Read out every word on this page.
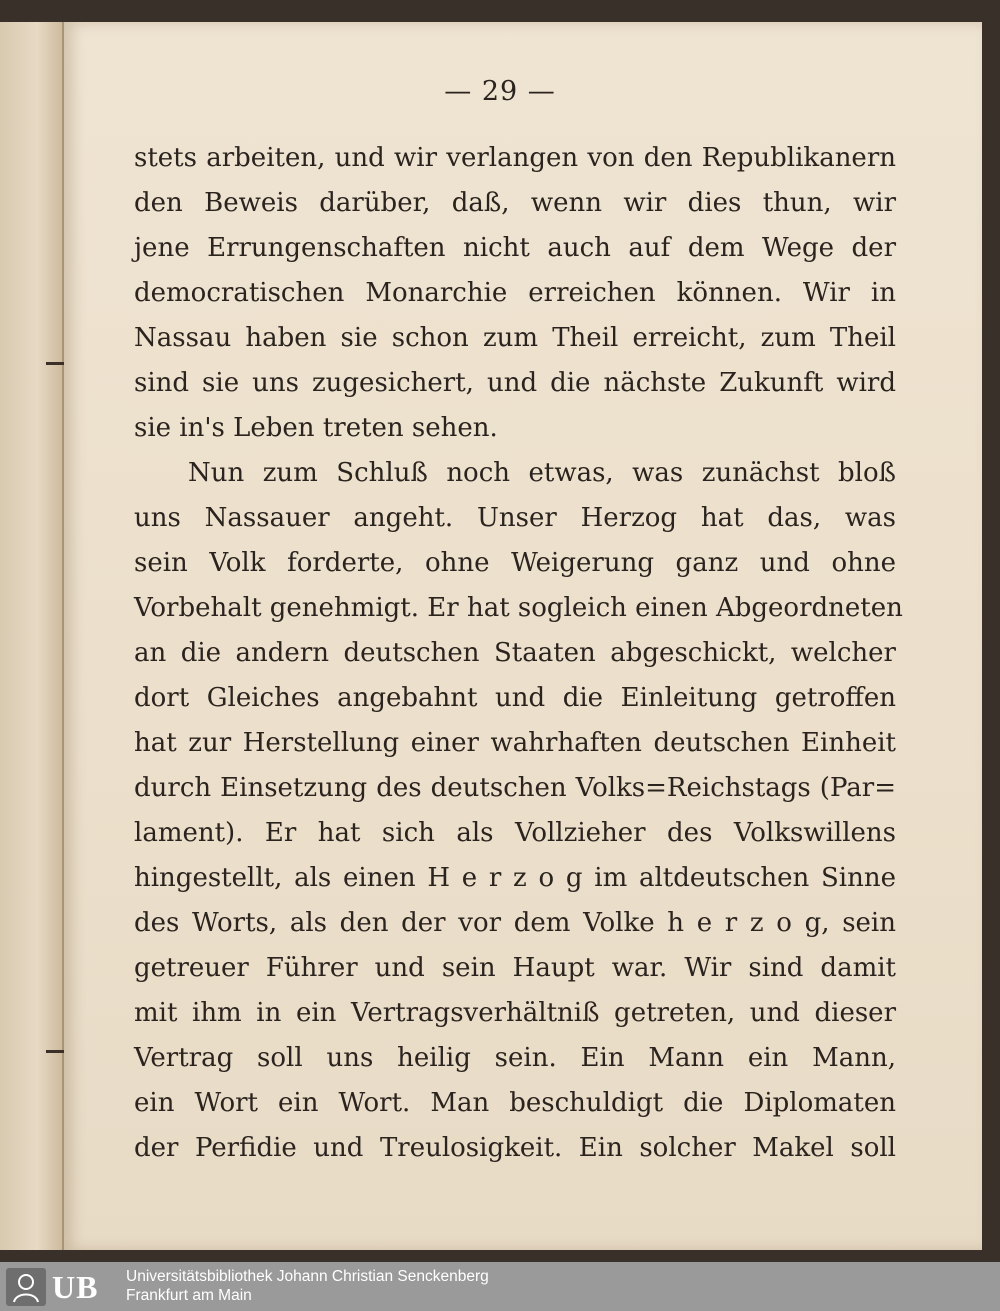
— 29 —
stets arbeiten, und wir verlangen von den Republikanern
den Beweis darüber, daß, wenn wir dies thun, wir
jene Errungenschaften nicht auch auf dem Wege der
democratischen Monarchie erreichen können. Wir in
Nassau haben sie schon zum Theil erreicht, zum Theil
sind sie uns zugesichert, und die nächste Zukunft wird
sie in's Leben treten sehen.
Nun zum Schluß noch etwas, was zunächst bloß
uns Nassauer angeht. Unser Herzog hat das, was
sein Volk forderte, ohne Weigerung ganz und ohne
Vorbehalt genehmigt. Er hat sogleich einen Abgeordneten
an die andern deutschen Staaten abgeschickt, welcher
dort Gleiches angebahnt und die Einleitung getroffen
hat zur Herstellung einer wahrhaften deutschen Einheit
durch Einsetzung des deutschen Volks=Reichstags (Par=
lament). Er hat sich als Vollzieher des Volkswillens
hingestellt, als einen H e r z o g im altdeutschen Sinne
des Worts, als den der vor dem Volke h e r z o g, sein
getreuer Führer und sein Haupt war. Wir sind damit
mit ihm in ein Vertragsverhältniß getreten, und dieser
Vertrag soll uns heilig sein. Ein Mann ein Mann,
ein Wort ein Wort. Man beschuldigt die Diplomaten
der Perfidie und Treulosigkeit. Ein solcher Makel soll
UB Universitätsbibliothek Johann Christian Senckenberg
Frankfurt am Main
